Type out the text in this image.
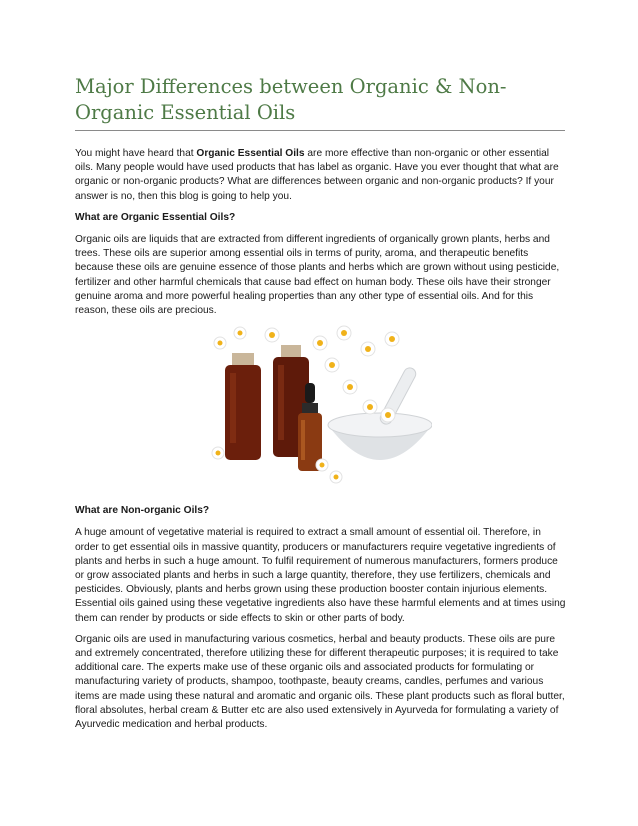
Major Differences between Organic & Non-Organic Essential Oils

You might have heard that Organic Essential Oils are more effective than non-organic or other essential oils. Many people would have used products that has label as organic. Have you ever thought that what are organic or non-organic products? What are differences between organic and non-organic products? If your answer is no, then this blog is going to help you.

What are Organic Essential Oils?

Organic oils are liquids that are extracted from different ingredients of organically grown plants, herbs and trees. These oils are superior among essential oils in terms of purity, aroma, and therapeutic benefits because these oils are genuine essence of those plants and herbs which are grown without using pesticide, fertilizer and other harmful chemicals that cause bad effect on human body. These oils have their stronger genuine aroma and more powerful healing properties than any other type of essential oils. And for this reason, these oils are precious.

What are Non-organic Oils?

A huge amount of vegetative material is required to extract a small amount of essential oil. Therefore, in order to get essential oils in massive quantity, producers or manufacturers require vegetative ingredients of plants and herbs in such a huge amount. To fulfil requirement of numerous manufacturers, formers produce or grow associated plants and herbs in such a large quantity, therefore, they use fertilizers, chemicals and pesticides. Obviously, plants and herbs grown using these production booster contain injurious elements. Essential oils gained using these vegetative ingredients also have these harmful elements and at times using them can render by products or side effects to skin or other parts of body.

Organic oils are used in manufacturing various cosmetics, herbal and beauty products. These oils are pure and extremely concentrated, therefore utilizing these for different therapeutic purposes; it is required to take additional care. The experts make use of these organic oils and associated products for formulating or manufacturing variety of products, shampoo, toothpaste, beauty creams, candles, perfumes and various items are made using these natural and aromatic and organic oils. These plant products such as floral butter, floral absolutes, herbal cream & Butter etc are also used extensively in Ayurveda for formulating a variety of Ayurvedic medication and herbal products.
